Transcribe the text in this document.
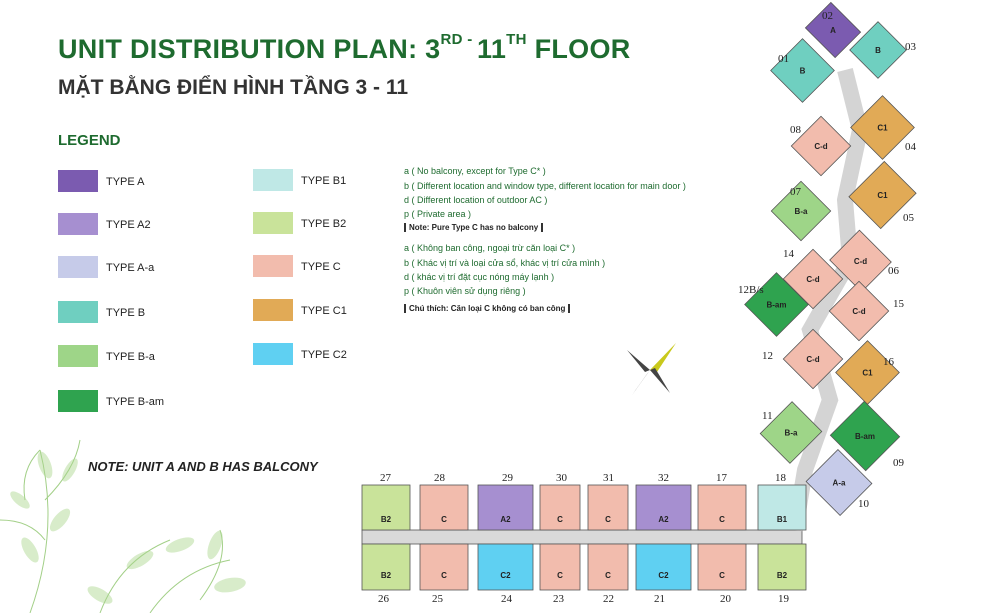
UNIT DISTRIBUTION PLAN: $3^{RD -}$ 11TH FLOOR
MẶT BẰNG ĐIỂN HÌNH TẦNG 3 - 11
LEGEND
TYPE A
TYPE A2
TYPE A-a
TYPE B
TYPE B-a
TYPE B-am
TYPE B1
TYPE B2
TYPE C
TYPE C1
TYPE C2
a ( No balcony, except for Type C* )
b ( Different location and window type, different location for main door )
d ( Different location of outdoor AC )
p ( Private area )
Note: Pure Type C has no balcony
a ( Không ban công, ngoại trừ căn loại C* )
b ( Khác vị trí và loại cửa sổ, khác vị trí cửa mình )
d ( khác vị trí đặt cục nóng máy lạnh )
p ( Khuôn viên sử dụng riêng )
Chú thích: Căn loại C không có ban công
NOTE: UNIT A AND B HAS BALCONY
B2	C	A2	C	C	A2	C	B1
B2	C	C2	C	C	C2	C	B2
A
B
B
C-d
C1
B-a
C1
C-d
C-d
B-am
C-d
C-d
C1
B-a	B-am
A-a
27	28	29	30	31	32	17	18
26	25	24	23	22	21	20	19
02
03
01
08
04
07
05
14
06
12B/s
15
12	16
11
09
10
